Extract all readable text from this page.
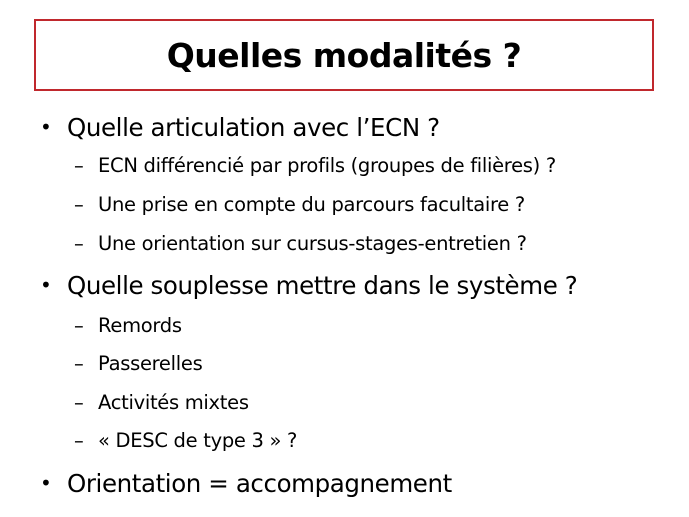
Quelles modalités ?
• Quelle articulation avec l’ECN ?
– ECN différencié par profils (groupes de filières) ?
– Une prise en compte du parcours facultaire ?
– Une orientation sur cursus-stages-entretien ?
• Quelle souplesse mettre dans le système ?
– Remords
– Passerelles
– Activités mixtes
– « DESC de type 3 » ?
• Orientation = accompagnement
